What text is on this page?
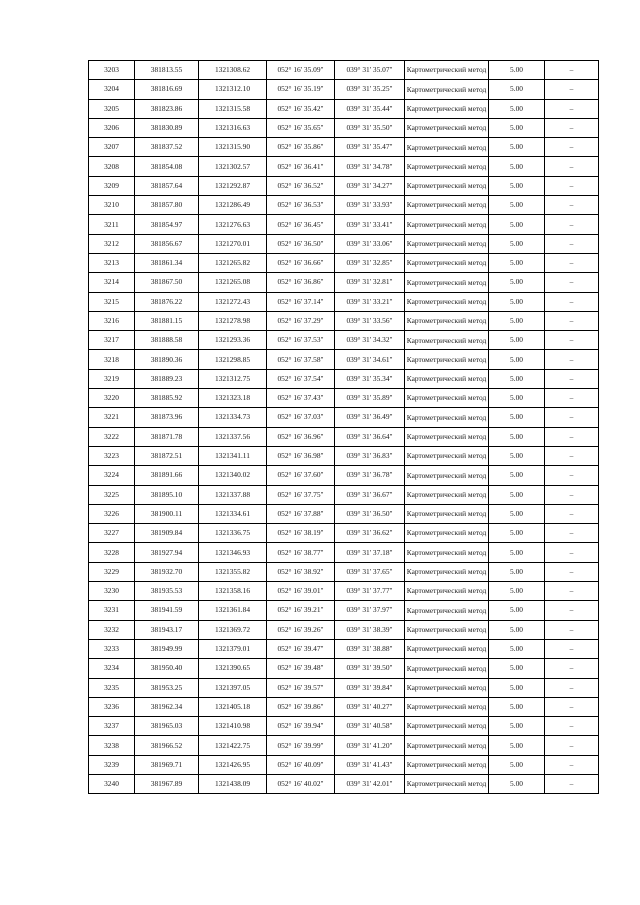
3203	381813.55	1321308.62	052° 16' 35.09"	039° 31' 35.07"	Картометрический метод	5.00	–
3204	381816.69	1321312.10	052° 16' 35.19"	039° 31' 35.25"	Картометрический метод	5.00	–
3205	381823.86	1321315.58	052° 16' 35.42"	039° 31' 35.44"	Картометрический метод	5.00	–
3206	381830.89	1321316.63	052° 16' 35.65"	039° 31' 35.50"	Картометрический метод	5.00	–
3207	381837.52	1321315.90	052° 16' 35.86"	039° 31' 35.47"	Картометрический метод	5.00	–
3208	381854.08	1321302.57	052° 16' 36.41"	039° 31' 34.78"	Картометрический метод	5.00	–
3209	381857.64	1321292.87	052° 16' 36.52"	039° 31' 34.27"	Картометрический метод	5.00	–
3210	381857.80	1321286.49	052° 16' 36.53"	039° 31' 33.93"	Картометрический метод	5.00	–
3211	381854.97	1321276.63	052° 16' 36.45"	039° 31' 33.41"	Картометрический метод	5.00	–
3212	381856.67	1321270.01	052° 16' 36.50"	039° 31' 33.06"	Картометрический метод	5.00	–
3213	381861.34	1321265.82	052° 16' 36.66"	039° 31' 32.85"	Картометрический метод	5.00	–
3214	381867.50	1321265.08	052° 16' 36.86"	039° 31' 32.81"	Картометрический метод	5.00	–
3215	381876.22	1321272.43	052° 16' 37.14"	039° 31' 33.21"	Картометрический метод	5.00	–
3216	381881.15	1321278.98	052° 16' 37.29"	039° 31' 33.56"	Картометрический метод	5.00	–
3217	381888.58	1321293.36	052° 16' 37.53"	039° 31' 34.32"	Картометрический метод	5.00	–
3218	381890.36	1321298.85	052° 16' 37.58"	039° 31' 34.61"	Картометрический метод	5.00	–
3219	381889.23	1321312.75	052° 16' 37.54"	039° 31' 35.34"	Картометрический метод	5.00	–
3220	381885.92	1321323.18	052° 16' 37.43"	039° 31' 35.89"	Картометрический метод	5.00	–
3221	381873.96	1321334.73	052° 16' 37.03"	039° 31' 36.49"	Картометрический метод	5.00	–
3222	381871.78	1321337.56	052° 16' 36.96"	039° 31' 36.64"	Картометрический метод	5.00	–
3223	381872.51	1321341.11	052° 16' 36.98"	039° 31' 36.83"	Картометрический метод	5.00	–
3224	381891.66	1321340.02	052° 16' 37.60"	039° 31' 36.78"	Картометрический метод	5.00	–
3225	381895.10	1321337.88	052° 16' 37.75"	039° 31' 36.67"	Картометрический метод	5.00	–
3226	381900.11	1321334.61	052° 16' 37.88"	039° 31' 36.50"	Картометрический метод	5.00	–
3227	381909.84	1321336.75	052° 16' 38.19"	039° 31' 36.62"	Картометрический метод	5.00	–
3228	381927.94	1321346.93	052° 16' 38.77"	039° 31' 37.18"	Картометрический метод	5.00	–
3229	381932.70	1321355.82	052° 16' 38.92"	039° 31' 37.65"	Картометрический метод	5.00	–
3230	381935.53	1321358.16	052° 16' 39.01"	039° 31' 37.77"	Картометрический метод	5.00	–
3231	381941.59	1321361.84	052° 16' 39.21"	039° 31' 37.97"	Картометрический метод	5.00	–
3232	381943.17	1321369.72	052° 16' 39.26"	039° 31' 38.39"	Картометрический метод	5.00	–
3233	381949.99	1321379.01	052° 16' 39.47"	039° 31' 38.88"	Картометрический метод	5.00	–
3234	381950.40	1321390.65	052° 16' 39.48"	039° 31' 39.50"	Картометрический метод	5.00	–
3235	381953.25	1321397.05	052° 16' 39.57"	039° 31' 39.84"	Картометрический метод	5.00	–
3236	381962.34	1321405.18	052° 16' 39.86"	039° 31' 40.27"	Картометрический метод	5.00	–
3237	381965.03	1321410.98	052° 16' 39.94"	039° 31' 40.58"	Картометрический метод	5.00	–
3238	381966.52	1321422.75	052° 16' 39.99"	039° 31' 41.20"	Картометрический метод	5.00	–
3239	381969.71	1321426.95	052° 16' 40.09"	039° 31' 41.43"	Картометрический метод	5.00	–
3240	381967.89	1321438.09	052° 16' 40.02"	039° 31' 42.01"	Картометрический метод	5.00	–
